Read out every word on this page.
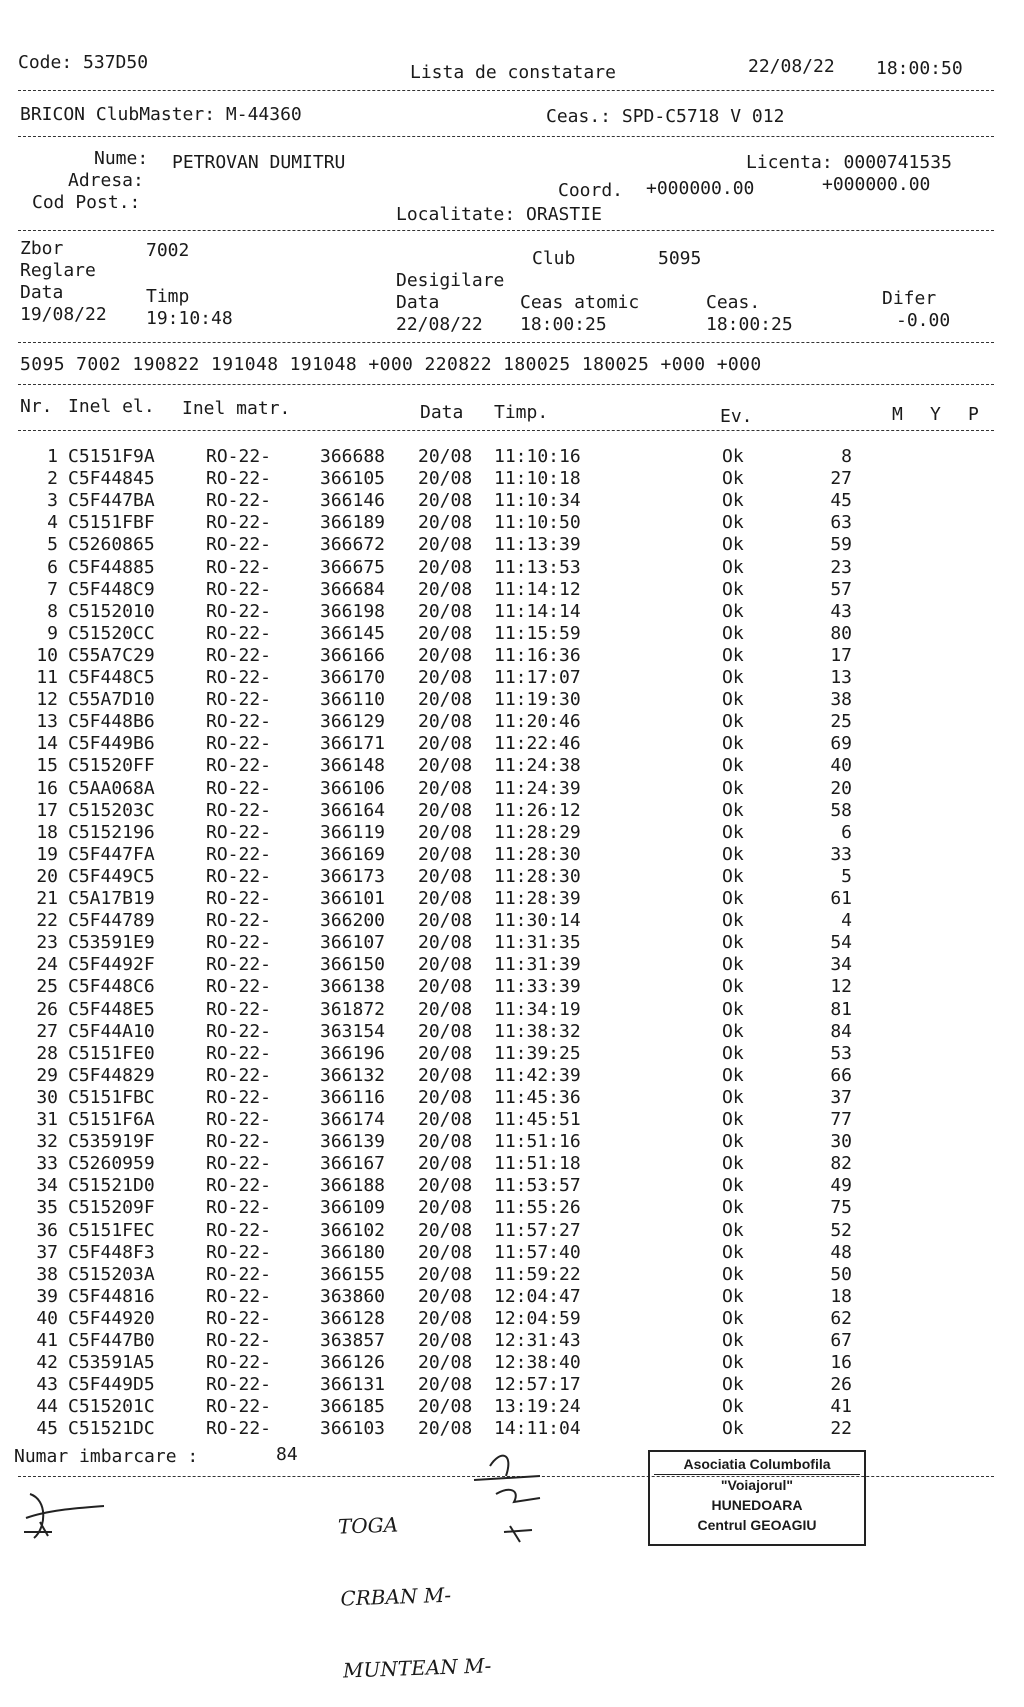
Code: 537D50	Lista de constatare	22/08/22 18:00:50
BRICON ClubMaster: M-44360	Ceas.: SPD-C5718 V 012
Nume: PETROVAN DUMITRU	Licenta: 0000741535
Adresa:	Coord. +000000.00	+000000.00
Cod Post.:
Localitate: ORASTIE
Zbor	7002	Club	5095
Reglare	Desigilare
Data	Timp	Data	Ceas atomic	Ceas.	Difer
19/08/22 19:10:48	22/08/22 18:00:25	18:00:25	-0.00
5095 7002 190822 191048 191048 +000 220822 180025 180025 +000 +000
Nr. Inel el. Inel matr.	Data Timp.	Ev.	M Y P
1 C5151F9A	RO-22-	366688 20/08 11:10:16	Ok	8
2 C5F44845	RO-22-	366105 20/08 11:10:18	Ok	27
3 C5F447BA	RO-22-	366146 20/08 11:10:34	Ok	45
4 C5151FBF	RO-22-	366189 20/08 11:10:50	Ok	63
5 C5260865	RO-22-	366672 20/08 11:13:39	Ok	59
6 C5F44885	RO-22-	366675 20/08 11:13:53	Ok	23
7 C5F448C9	RO-22-	366684 20/08 11:14:12	Ok	57
8 C5152010	RO-22-	366198 20/08 11:14:14	Ok	43
9 C51520CC	RO-22-	366145 20/08 11:15:59	Ok	80
10 C55A7C29	RO-22-	366166 20/08 11:16:36	Ok	17
11 C5F448C5	RO-22-	366170 20/08 11:17:07	Ok	13
12 C55A7D10	RO-22-	366110 20/08 11:19:30	Ok	38
13 C5F448B6	RO-22-	366129 20/08 11:20:46	Ok	25
14 C5F449B6	RO-22-	366171 20/08 11:22:46	Ok	69
15 C51520FF	RO-22-	366148 20/08 11:24:38	Ok	40
16 C5AA068A	RO-22-	366106 20/08 11:24:39	Ok	20
17 C515203C	RO-22-	366164 20/08 11:26:12	Ok	58
18 C5152196	RO-22-	366119 20/08 11:28:29	Ok	6
19 C5F447FA	RO-22-	366169 20/08 11:28:30	Ok	33
20 C5F449C5	RO-22-	366173 20/08 11:28:30	Ok	5
21 C5A17B19	RO-22-	366101 20/08 11:28:39	Ok	61
22 C5F44789	RO-22-	366200 20/08 11:30:14	Ok	4
23 C53591E9	RO-22-	366107 20/08 11:31:35	Ok	54
24 C5F4492F	RO-22-	366150 20/08 11:31:39	Ok	34
25 C5F448C6	RO-22-	366138 20/08 11:33:39	Ok	12
26 C5F448E5	RO-22-	361872 20/08 11:34:19	Ok	81
27 C5F44A10	RO-22-	363154 20/08 11:38:32	Ok	84
28 C5151FE0	RO-22-	366196 20/08 11:39:25	Ok	53
29 C5F44829	RO-22-	366132 20/08 11:42:39	Ok	66
30 C5151FBC	RO-22-	366116 20/08 11:45:36	Ok	37
31 C5151F6A	RO-22-	366174 20/08 11:45:51	Ok	77
32 C535919F	RO-22-	366139 20/08 11:51:16	Ok	30
33 C5260959	RO-22-	366167 20/08 11:51:18	Ok	82
34 C51521D0	RO-22-	366188 20/08 11:53:57	Ok	49
35 C515209F	RO-22-	366109 20/08 11:55:26	Ok	75
36 C5151FEC	RO-22-	366102 20/08 11:57:27	Ok	52
37 C5F448F3	RO-22-	366180 20/08 11:57:40	Ok	48
38 C515203A	RO-22-	366155 20/08 11:59:22	Ok	50
39 C5F44816	RO-22-	363860 20/08 12:04:47	Ok	18
40 C5F44920	RO-22-	366128 20/08 12:04:59	Ok	62
41 C5F447B0	RO-22-	363857 20/08 12:31:43	Ok	67
42 C53591A5	RO-22-	366126 20/08 12:38:40	Ok	16
43 C5F449D5	RO-22-	366131 20/08 12:57:17	Ok	26
44 C515201C	RO-22-	366185 20/08 13:19:24	Ok	41
45 C51521DC	RO-22-	366103 20/08 14:11:04	Ok	22
Numar imbarcare :	84

TOGA

CRBAN M-

MUNTEAN M-

Asociatia Columbofila
"Voiajorul"
HUNEDOARA
Centrul GEOAGIU
